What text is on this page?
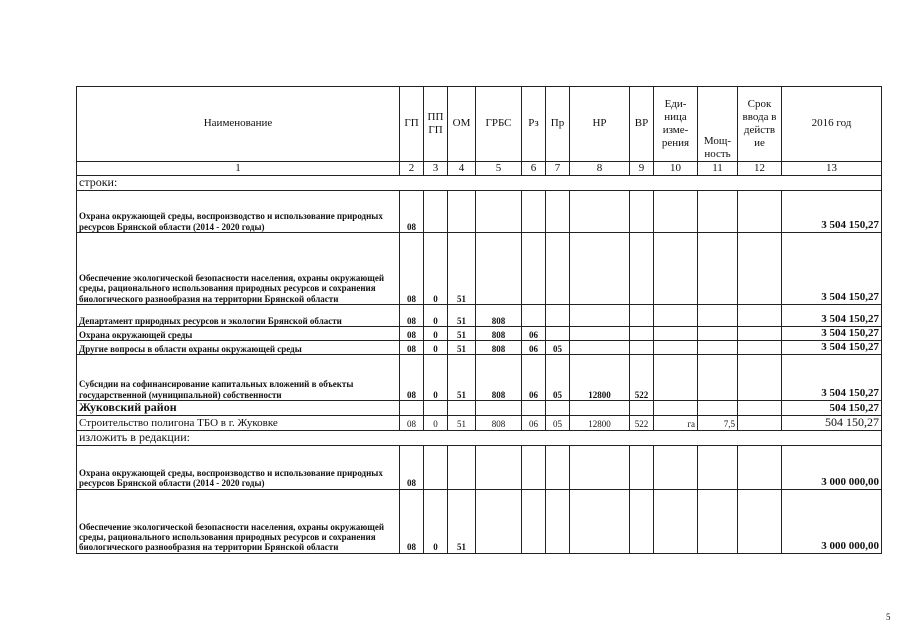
Наименование	ГП	ПП ГП	ОМ	ГРБС	Рз	Пр	НР	ВР	Еди-ница изме-рения	Мощ-ность	Срок ввода в действ ие	2016 год
1	2	3	4	5	6	7	8	9	10	11	12	13
строки:												
Охрана окружающей среды, воспроизводство и использование природных ресурсов Брянской области (2014 - 2020 годы)	08											3 504 150,27
Обеспечение экологической безопасности населения, охраны окружающей среды, рационального использования природных ресурсов и сохранения биологического разнообразия на территории Брянской области	08	0	51									3 504 150,27
Департамент природных ресурсов и экологии Брянской области	08	0	51	808								3 504 150,27
Охрана окружающей среды	08	0	51	808	06							3 504 150,27
Другие вопросы в области охраны окружающей среды	08	0	51	808	06	05						3 504 150,27
Субсидии на софинансирование капитальных вложений в объекты государственной (муниципальной) собственности	08	0	51	808	06	05	12800	522				3 504 150,27
Жуковский район												504 150,27
Строительство полигона ТБО в г. Жуковке	08	0	51	808	06	05	12800	522	га	7,5		504 150,27
изложить в редакции:												
Охрана окружающей среды, воспроизводство и использование природных ресурсов Брянской области (2014 - 2020 годы)	08											3 000 000,00
Обеспечение экологической безопасности населения, охраны окружающей среды, рационального использования природных ресурсов и сохранения биологического разнообразия на территории Брянской области	08	0	51									3 000 000,00
5
